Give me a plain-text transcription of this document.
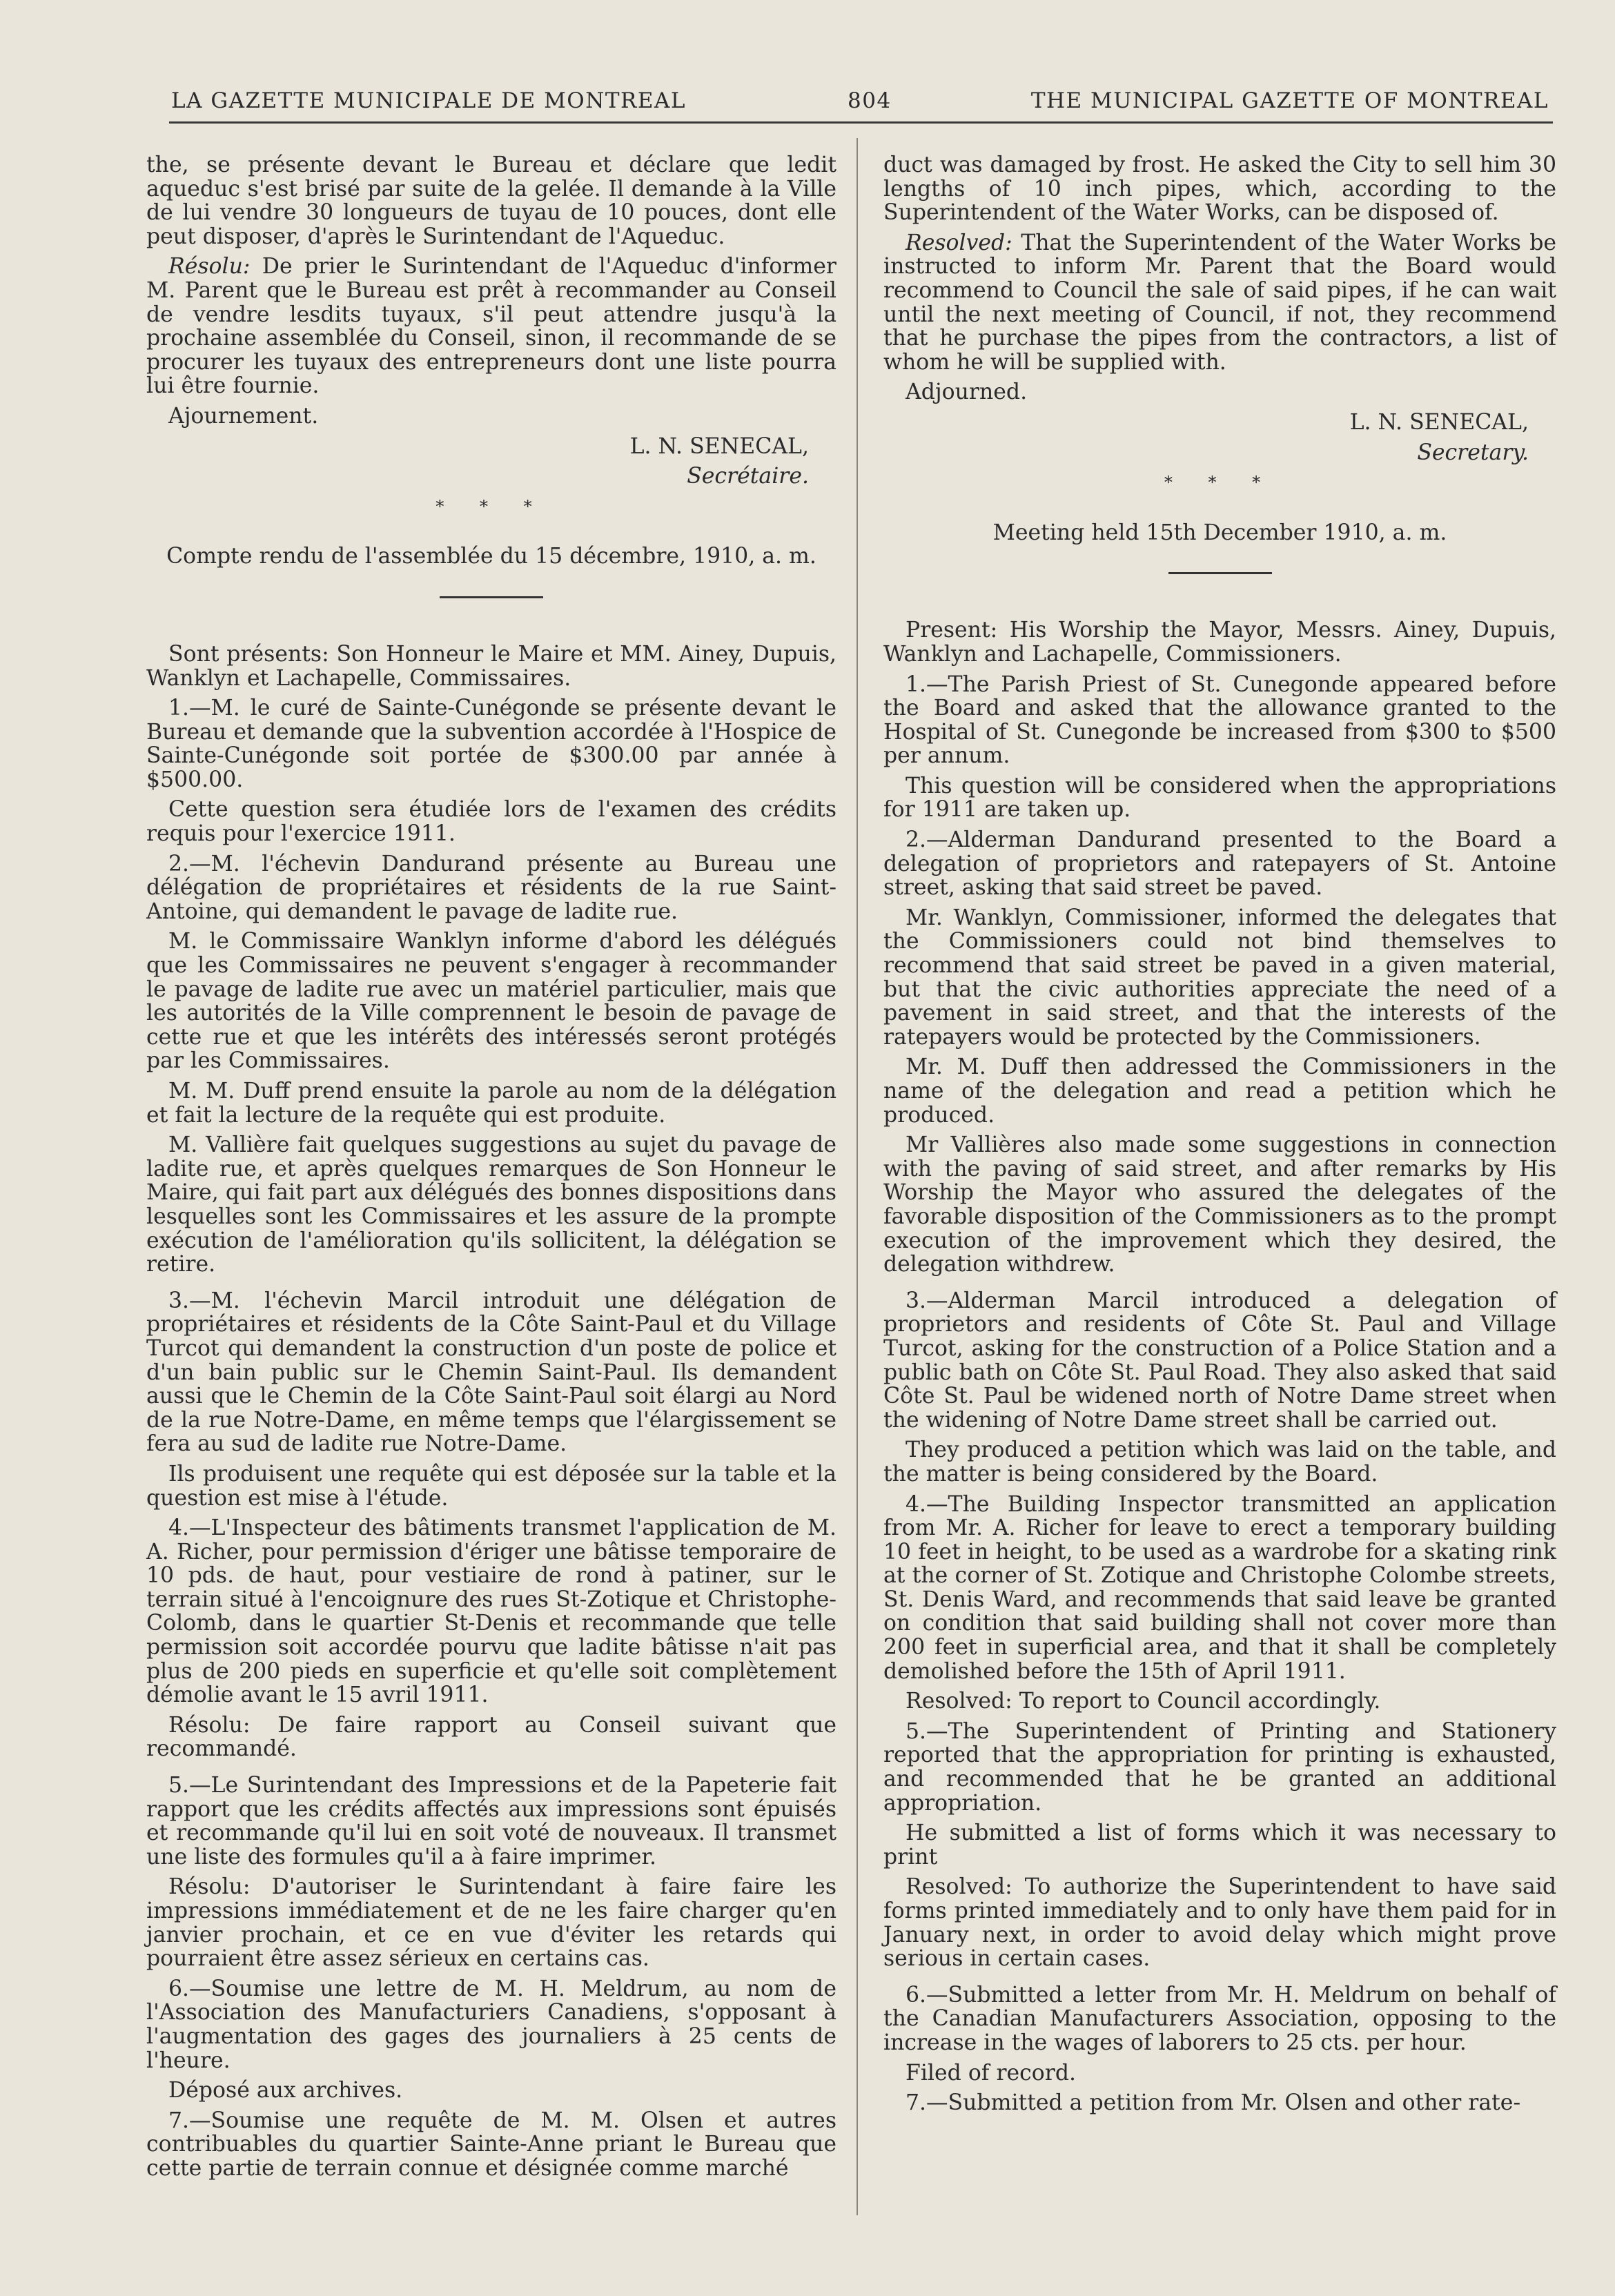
LA GAZETTE MUNICIPALE DE MONTREAL	804	THE MUNICIPAL GAZETTE OF MONTREAL

the, se présente devant le Bureau et déclare que ledit aqueduc s'est brisé par suite de la gelée. Il demande à la Ville de lui vendre 30 longueurs de tuyau de 10 pouces, dont elle peut disposer, d'après le Surintendant de l'Aqueduc.

Résolu: De prier le Surintendant de l'Aqueduc d'informer M. Parent que le Bureau est prêt à recommander au Conseil de vendre lesdits tuyaux, s'il peut attendre jusqu'à la prochaine assemblée du Conseil, sinon, il recommande de se procurer les tuyaux des entrepreneurs dont une liste pourra lui être fournie.

Ajournement.

L. N. SENECAL,

Secrétaire.

* * *
Compte rendu de l'assemblée du 15 décembre, 1910, a. m.

Sont présents: Son Honneur le Maire et MM. Ainey, Dupuis, Wanklyn et Lachapelle, Commissaires.

1.—M. le curé de Sainte-Cunégonde se présente devant le Bureau et demande que la subvention accordée à l'Hospice de Sainte-Cunégonde soit portée de $300.00 par année à $500.00.

Cette question sera étudiée lors de l'examen des crédits requis pour l'exercice 1911.

2.—M. l'échevin Dandurand présente au Bureau une délégation de propriétaires et résidents de la rue Saint-Antoine, qui demandent le pavage de ladite rue.

M. le Commissaire Wanklyn informe d'abord les délégués que les Commissaires ne peuvent s'engager à recommander le pavage de ladite rue avec un matériel particulier, mais que les autorités de la Ville comprennent le besoin de pavage de cette rue et que les intérêts des intéressés seront protégés par les Commissaires.

M. M. Duff prend ensuite la parole au nom de la délégation et fait la lecture de la requête qui est produite.

M. Vallière fait quelques suggestions au sujet du pavage de ladite rue, et après quelques remarques de Son Honneur le Maire, qui fait part aux délégués des bonnes dispositions dans lesquelles sont les Commissaires et les assure de la prompte exécution de l'amélioration qu'ils sollicitent, la délégation se retire.

3.—M. l'échevin Marcil introduit une délégation de propriétaires et résidents de la Côte Saint-Paul et du Village Turcot qui demandent la construction d'un poste de police et d'un bain public sur le Chemin Saint-Paul. Ils demandent aussi que le Chemin de la Côte Saint-Paul soit élargi au Nord de la rue Notre-Dame, en même temps que l'élargissement se fera au sud de ladite rue Notre-Dame.

Ils produisent une requête qui est déposée sur la table et la question est mise à l'étude.

4.—L'Inspecteur des bâtiments transmet l'application de M. A. Richer, pour permission d'ériger une bâtisse temporaire de 10 pds. de haut, pour vestiaire de rond à patiner, sur le terrain situé à l'encoignure des rues St-Zotique et Christophe-Colomb, dans le quartier St-Denis et recommande que telle permission soit accordée pourvu que ladite bâtisse n'ait pas plus de 200 pieds en superficie et qu'elle soit complètement démolie avant le 15 avril 1911.

Résolu: De faire rapport au Conseil suivant que recommandé.

5.—Le Surintendant des Impressions et de la Papeterie fait rapport que les crédits affectés aux impressions sont épuisés et recommande qu'il lui en soit voté de nouveaux. Il transmet une liste des formules qu'il a à faire imprimer.

Résolu: D'autoriser le Surintendant à faire faire les impressions immédiatement et de ne les faire charger qu'en janvier prochain, et ce en vue d'éviter les retards qui pourraient être assez sérieux en certains cas.

6.—Soumise une lettre de M. H. Meldrum, au nom de l'Association des Manufacturiers Canadiens, s'opposant à l'augmentation des gages des journaliers à 25 cents de l'heure.

Déposé aux archives.

7.—Soumise une requête de M. M. Olsen et autres contribuables du quartier Sainte-Anne priant le Bureau que cette partie de terrain connue et désignée comme marché

duct was damaged by frost. He asked the City to sell him 30 lengths of 10 inch pipes, which, according to the Superintendent of the Water Works, can be disposed of.

Resolved: That the Superintendent of the Water Works be instructed to inform Mr. Parent that the Board would recommend to Council the sale of said pipes, if he can wait until the next meeting of Council, if not, they recommend that he purchase the pipes from the contractors, a list of whom he will be supplied with.

Adjourned.

L. N. SENECAL,

Secretary.

* * *
Meeting held 15th December 1910, a. m.

Present: His Worship the Mayor, Messrs. Ainey, Dupuis, Wanklyn and Lachapelle, Commissioners.

1.—The Parish Priest of St. Cunegonde appeared before the Board and asked that the allowance granted to the Hospital of St. Cunegonde be increased from $300 to $500 per annum.

This question will be considered when the appropriations for 1911 are taken up.

2.—Alderman Dandurand presented to the Board a delegation of proprietors and ratepayers of St. Antoine street, asking that said street be paved.

Mr. Wanklyn, Commissioner, informed the delegates that the Commissioners could not bind themselves to recommend that said street be paved in a given material, but that the civic authorities appreciate the need of a pavement in said street, and that the interests of the ratepayers would be protected by the Commissioners.

Mr. M. Duff then addressed the Commissioners in the name of the delegation and read a petition which he produced.

Mr Vallières also made some suggestions in connection with the paving of said street, and after remarks by His Worship the Mayor who assured the delegates of the favorable disposition of the Commissioners as to the prompt execution of the improvement which they desired, the delegation withdrew.

3.—Alderman Marcil introduced a delegation of proprietors and residents of Côte St. Paul and Village Turcot, asking for the construction of a Police Station and a public bath on Côte St. Paul Road. They also asked that said Côte St. Paul be widened north of Notre Dame street when the widening of Notre Dame street shall be carried out.

They produced a petition which was laid on the table, and the matter is being considered by the Board.

4.—The Building Inspector transmitted an application from Mr. A. Richer for leave to erect a temporary building 10 feet in height, to be used as a wardrobe for a skating rink at the corner of St. Zotique and Christophe Colombe streets, St. Denis Ward, and recommends that said leave be granted on condition that said building shall not cover more than 200 feet in superficial area, and that it shall be completely demolished before the 15th of April 1911.

Resolved: To report to Council accordingly.

5.—The Superintendent of Printing and Stationery reported that the appropriation for printing is exhausted, and recommended that he be granted an additional appropriation.

He submitted a list of forms which it was necessary to print

Resolved: To authorize the Superintendent to have said forms printed immediately and to only have them paid for in January next, in order to avoid delay which might prove serious in certain cases.

6.—Submitted a letter from Mr. H. Meldrum on behalf of the Canadian Manufacturers Association, opposing to the increase in the wages of laborers to 25 cts. per hour.

Filed of record.

7.—Submitted a petition from Mr. Olsen and other rate-
